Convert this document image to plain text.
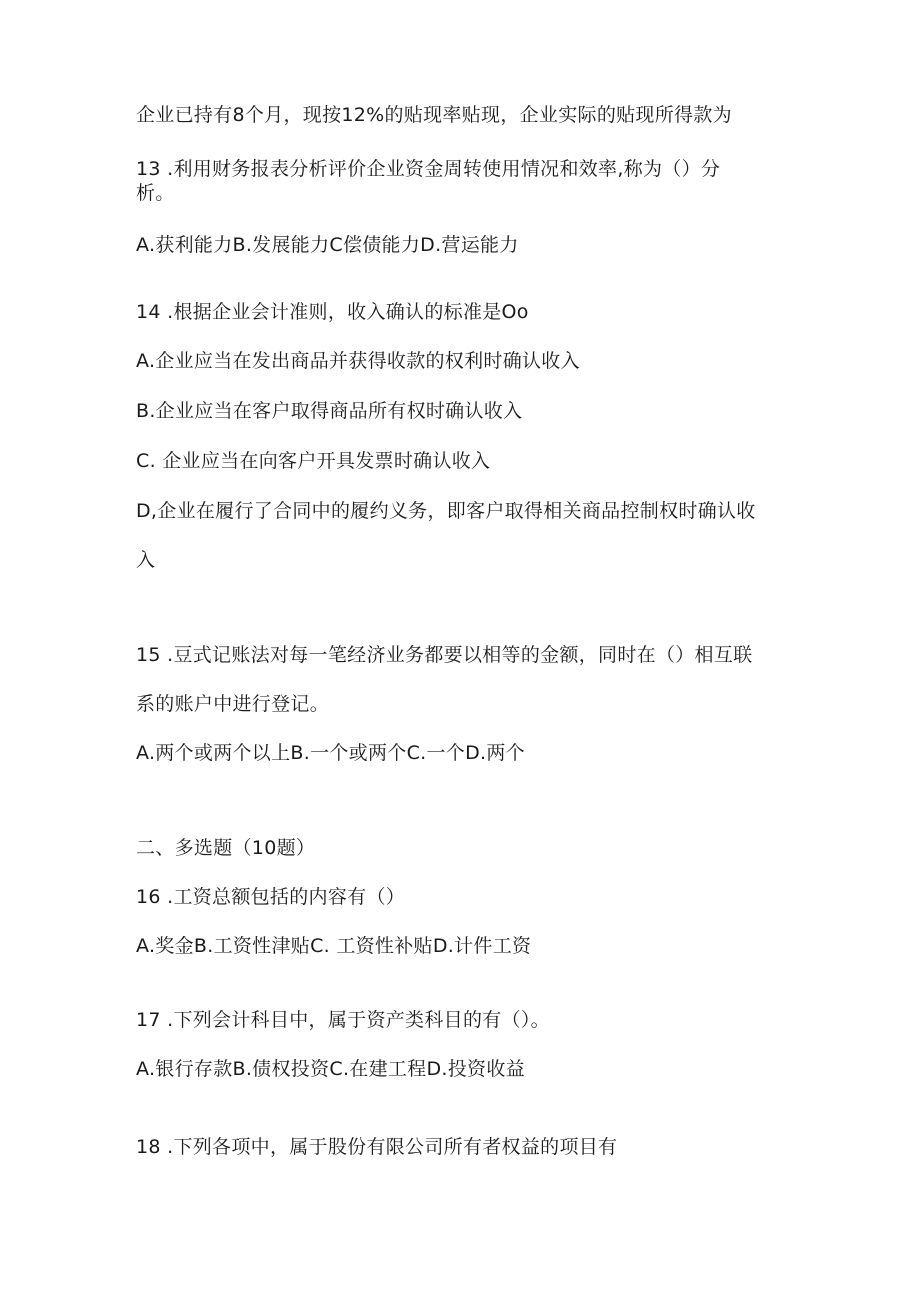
企业已持有8个月，现按12%的贴现率贴现，企业实际的贴现所得款为
13 .利用财务报表分析评价企业资金周转使用情况和效率,称为（）分
析。
A.获利能力B.发展能力C偿债能力D.营运能力
14 .根据企业会计准则，收入确认的标准是Oo
A.企业应当在发出商品并获得收款的权利时确认收入
B.企业应当在客户取得商品所有权时确认收入
C. 企业应当在向客户开具发票时确认收入
D,企业在履行了合同中的履约义务，即客户取得相关商品控制权时确认收
入
15 .豆式记账法对每一笔经济业务都要以相等的金额，同时在（）相互联
系的账户中进行登记。
A.两个或两个以上B.一个或两个C.一个D.两个
二、多选题（10题）
16 .工资总额包括的内容有（）
A.奖金B.工资性津贴C. 工资性补贴D.计件工资
17 .下列会计科目中，属于资产类科目的有（）。
A.银行存款B.债权投资C.在建工程D.投资收益
18 .下列各项中，属于股份有限公司所有者权益的项目有
